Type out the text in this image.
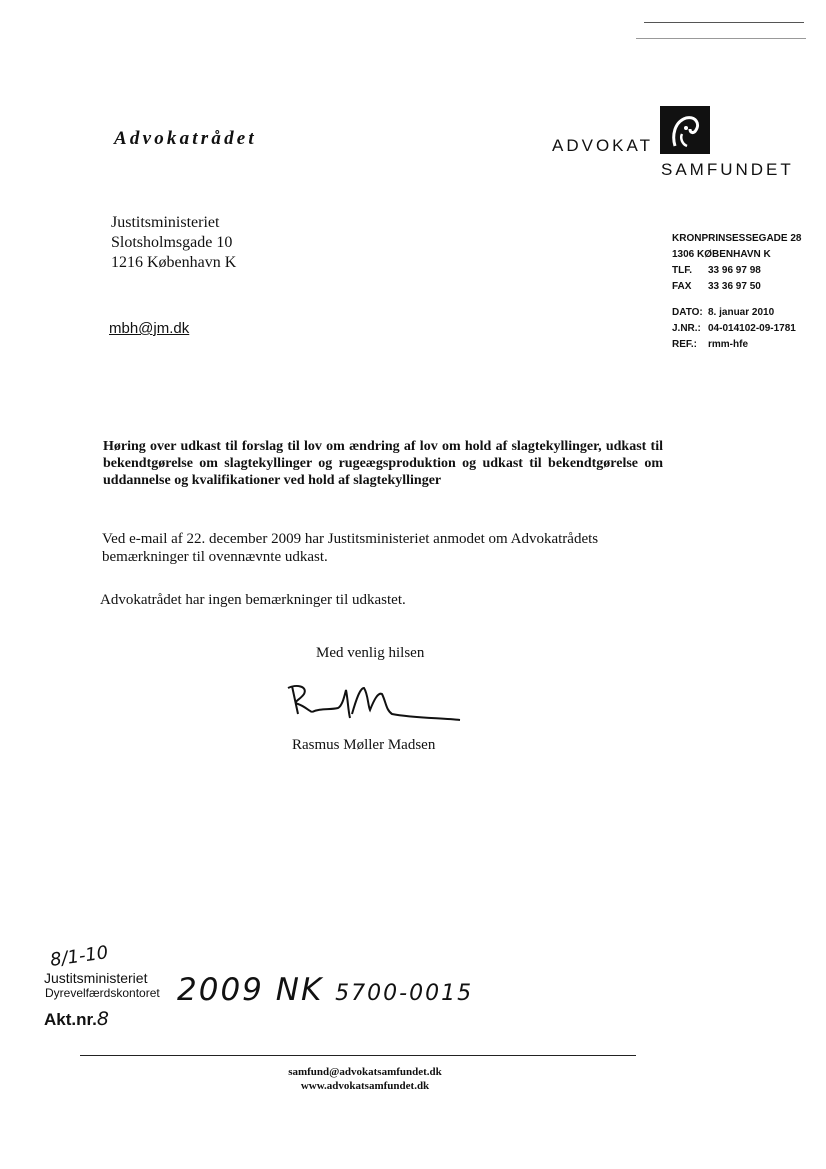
Advokatrådet	ADVOKAT
SAMFUNDET
Justitsministeriet
Slotsholmsgade 10
1216 København K
mbh@jm.dk
KRONPRINSESSEGADE 28
1306 KØBENHAVN K
TLF. 33 96 97 98
FAX 33 36 97 50
DATO: 8. januar 2010
J.NR.: 04-014102-09-1781
REF.: rmm-hfe
Høring over udkast til forslag til lov om ændring af lov om hold af slagtekyllinger, udkast til bekendtgørelse om slagtekyllinger og rugeægsproduktion og udkast til bekendtgørelse om uddannelse og kvalifikationer ved hold af slagtekyllinger
Ved e-mail af 22. december 2009 har Justitsministeriet anmodet om Advokatrådets bemærkninger til ovennævnte udkast.
Advokatrådet har ingen bemærkninger til udkastet.
Med venlig hilsen
Rasmus Møller Madsen
8/1-10
Justitsministeriet
Dyrevelfærdskontoret 2009 NK 5700-0015
Akt.nr.8
samfund@advokatsamfundet.dk
www.advokatsamfundet.dk
